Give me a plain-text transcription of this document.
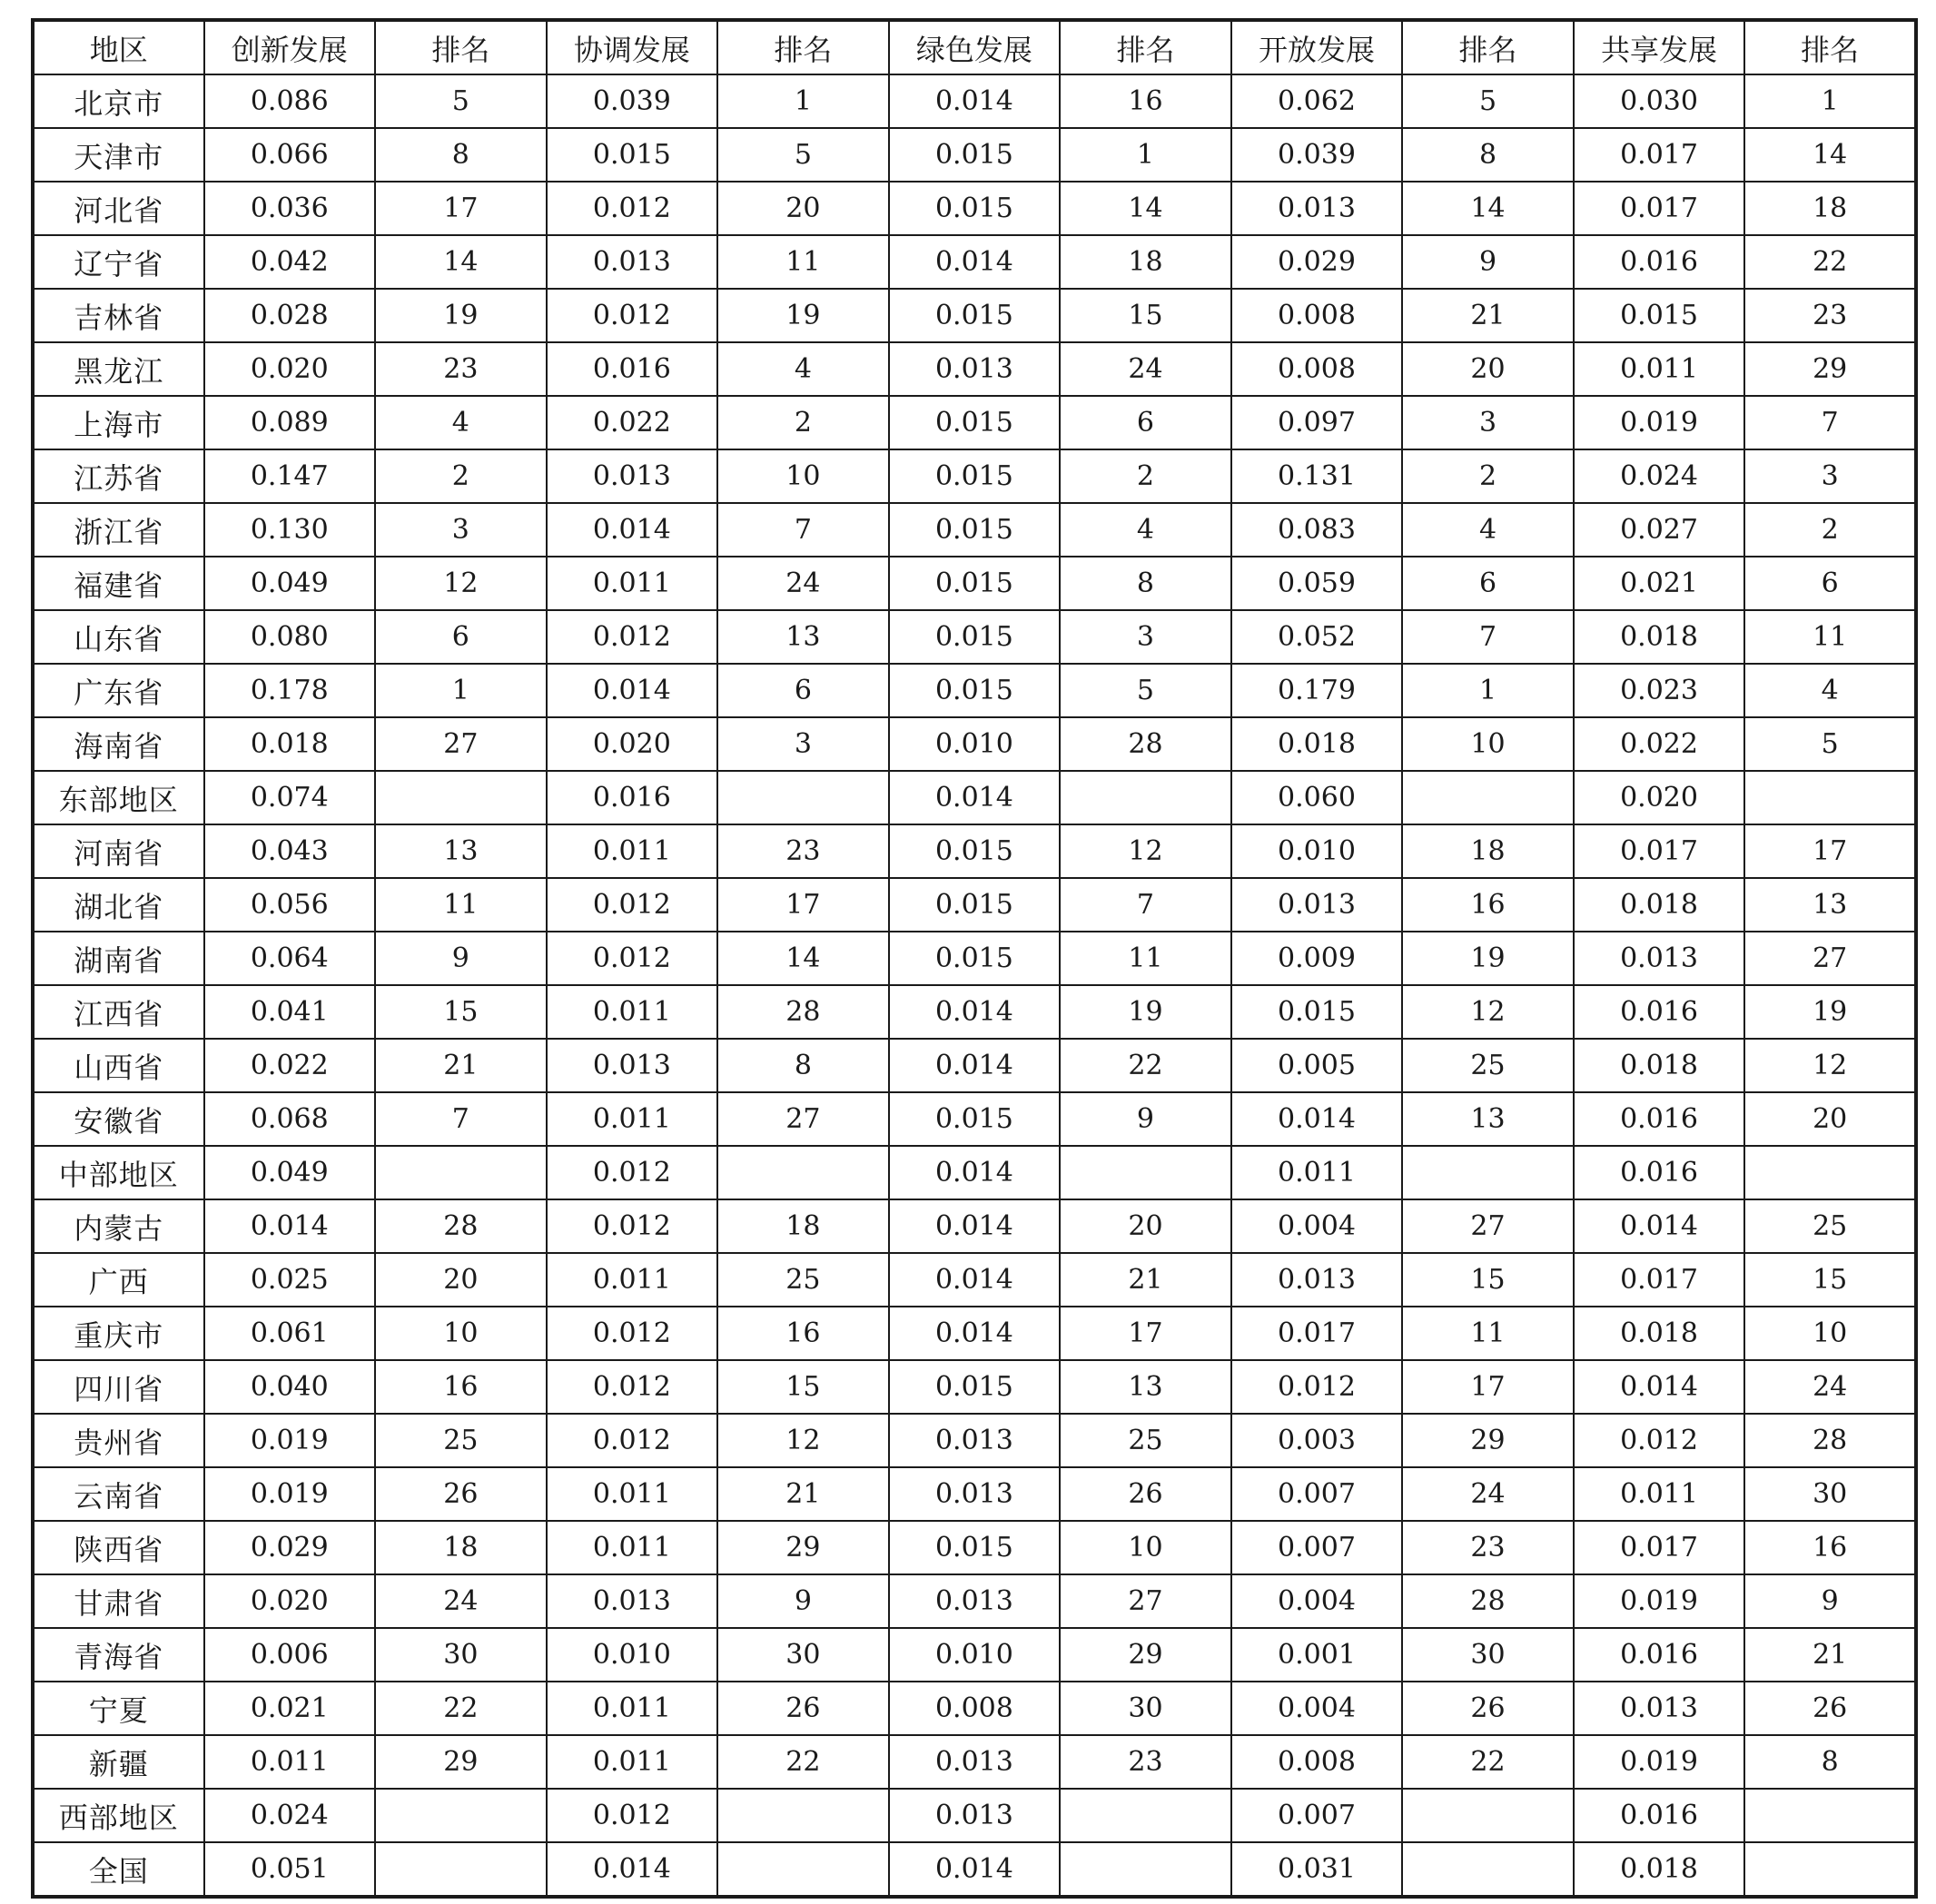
地区	创新发展	排名	协调发展	排名	绿色发展	排名	开放发展	排名	共享发展	排名
北京市	0.086	5	0.039	1	0.014	16	0.062	5	0.030	1
天津市	0.066	8	0.015	5	0.015	1	0.039	8	0.017	14
河北省	0.036	17	0.012	20	0.015	14	0.013	14	0.017	18
辽宁省	0.042	14	0.013	11	0.014	18	0.029	9	0.016	22
吉林省	0.028	19	0.012	19	0.015	15	0.008	21	0.015	23
黑龙江	0.020	23	0.016	4	0.013	24	0.008	20	0.011	29
上海市	0.089	4	0.022	2	0.015	6	0.097	3	0.019	7
江苏省	0.147	2	0.013	10	0.015	2	0.131	2	0.024	3
浙江省	0.130	3	0.014	7	0.015	4	0.083	4	0.027	2
福建省	0.049	12	0.011	24	0.015	8	0.059	6	0.021	6
山东省	0.080	6	0.012	13	0.015	3	0.052	7	0.018	11
广东省	0.178	1	0.014	6	0.015	5	0.179	1	0.023	4
海南省	0.018	27	0.020	3	0.010	28	0.018	10	0.022	5
东部地区	0.074		0.016		0.014		0.060		0.020	
河南省	0.043	13	0.011	23	0.015	12	0.010	18	0.017	17
湖北省	0.056	11	0.012	17	0.015	7	0.013	16	0.018	13
湖南省	0.064	9	0.012	14	0.015	11	0.009	19	0.013	27
江西省	0.041	15	0.011	28	0.014	19	0.015	12	0.016	19
山西省	0.022	21	0.013	8	0.014	22	0.005	25	0.018	12
安徽省	0.068	7	0.011	27	0.015	9	0.014	13	0.016	20
中部地区	0.049		0.012		0.014		0.011		0.016	
内蒙古	0.014	28	0.012	18	0.014	20	0.004	27	0.014	25
广西	0.025	20	0.011	25	0.014	21	0.013	15	0.017	15
重庆市	0.061	10	0.012	16	0.014	17	0.017	11	0.018	10
四川省	0.040	16	0.012	15	0.015	13	0.012	17	0.014	24
贵州省	0.019	25	0.012	12	0.013	25	0.003	29	0.012	28
云南省	0.019	26	0.011	21	0.013	26	0.007	24	0.011	30
陕西省	0.029	18	0.011	29	0.015	10	0.007	23	0.017	16
甘肃省	0.020	24	0.013	9	0.013	27	0.004	28	0.019	9
青海省	0.006	30	0.010	30	0.010	29	0.001	30	0.016	21
宁夏	0.021	22	0.011	26	0.008	30	0.004	26	0.013	26
新疆	0.011	29	0.011	22	0.013	23	0.008	22	0.019	8
西部地区	0.024		0.012		0.013		0.007		0.016	
全国	0.051		0.014		0.014		0.031		0.018	
